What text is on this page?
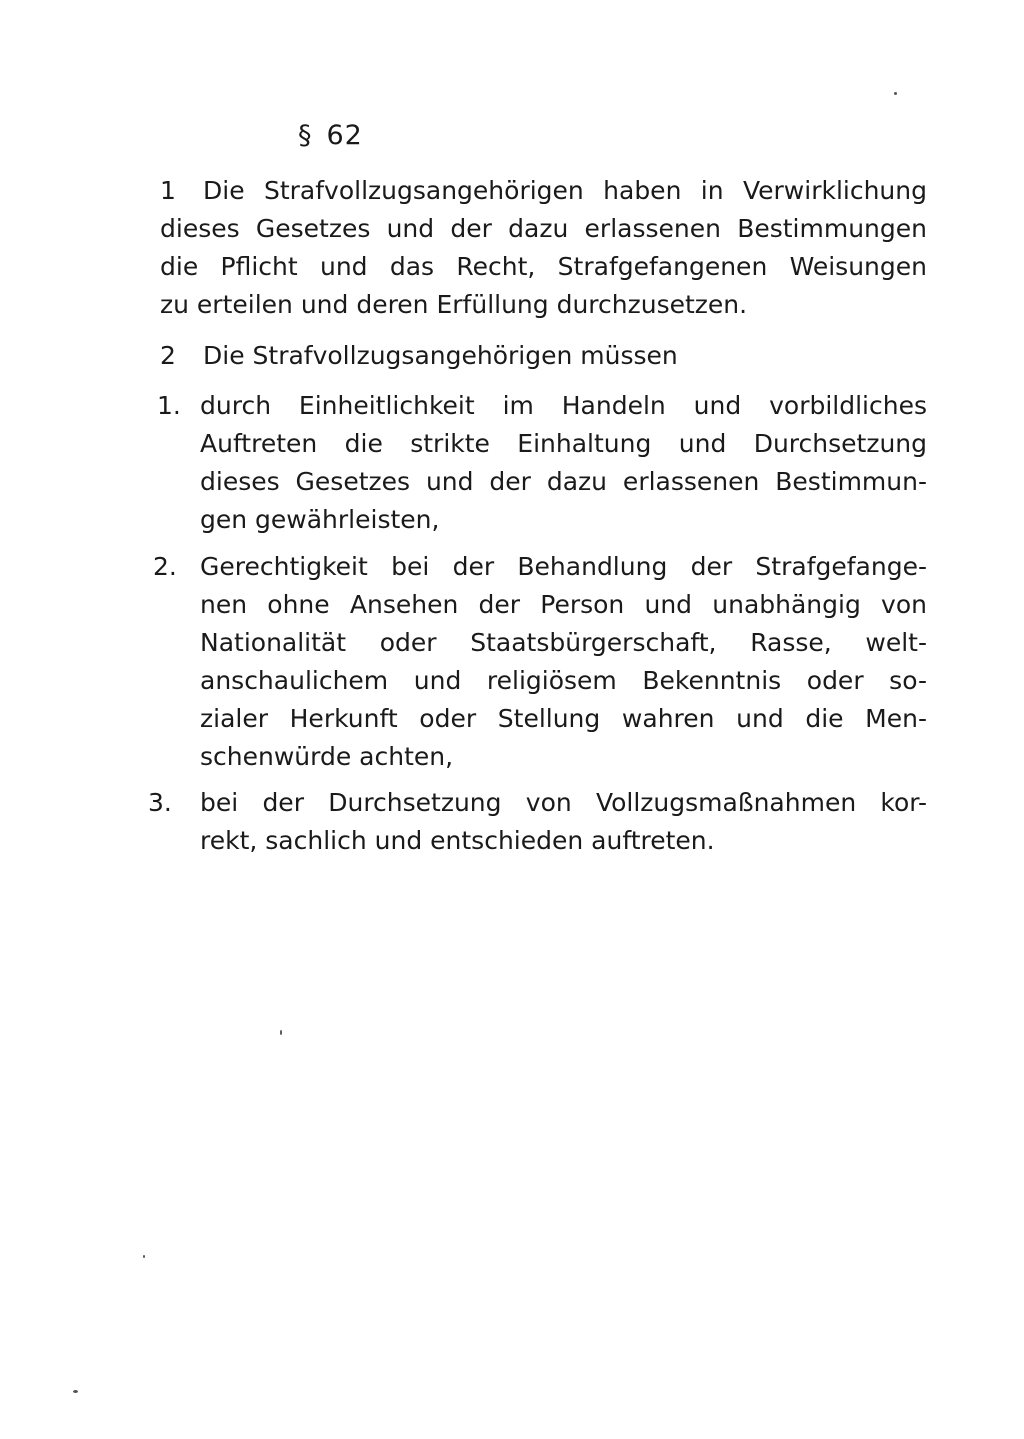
§ 62
1 Die Strafvollzugsangehörigen haben in Verwirklichung
dieses Gesetzes und der dazu erlassenen Bestimmungen
die Pflicht und das Recht, Strafgefangenen Weisungen
zu erteilen und deren Erfüllung durchzusetzen.
2 Die Strafvollzugsangehörigen müssen
1. durch Einheitlichkeit im Handeln und vorbildliches
Auftreten die strikte Einhaltung und Durchsetzung
dieses Gesetzes und der dazu erlassenen Bestimmun-
gen gewährleisten,
2. Gerechtigkeit bei der Behandlung der Strafgefange-
nen ohne Ansehen der Person und unabhängig von
Nationalität oder Staatsbürgerschaft, Rasse, welt-
anschaulichem und religiösem Bekenntnis oder so-
zialer Herkunft oder Stellung wahren und die Men-
schenwürde achten,
3. bei der Durchsetzung von Vollzugsmaßnahmen kor-
rekt, sachlich und entschieden auftreten.
